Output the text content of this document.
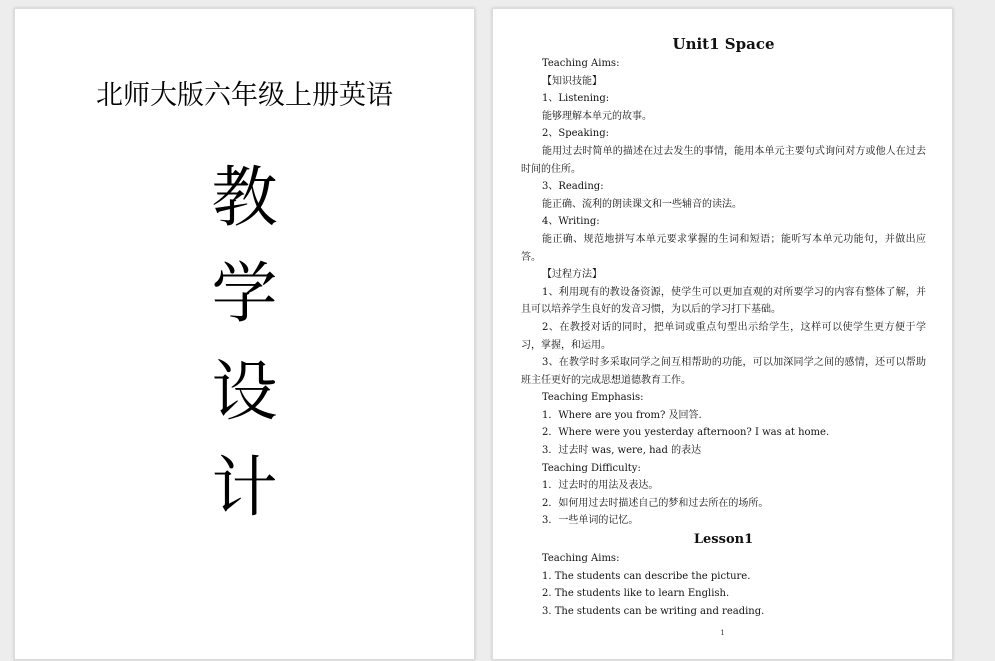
北师大版六年级上册英语
教
学
设
计
Unit1 Space
Teaching Aims:
【知识技能】
1、Listening:
能够理解本单元的故事。
2、Speaking:
能用过去时简单的描述在过去发生的事情，能用本单元主要句式询问对方或他人在过去时间的住所。
3、Reading:
能正确、流利的朗读课文和一些辅音的读法。
4、Writing:
能正确、规范地拼写本单元要求掌握的生词和短语；能听写本单元功能句，并做出应答。
【过程方法】
1、利用现有的教设备资源，使学生可以更加直观的对所要学习的内容有整体了解，并且可以培养学生良好的发音习惯，为以后的学习打下基础。
2、在教授对话的同时，把单词或重点句型出示给学生，这样可以使学生更方便于学习，掌握，和运用。
3、在教学时多采取同学之间互相帮助的功能，可以加深同学之间的感情，还可以帮助班主任更好的完成思想道德教育工作。
Teaching Emphasis:
1．Where are you from? 及回答.
2．Where were you yesterday afternoon? I was at home.
3．过去时 was, were, had 的表达
Teaching Difficulty:
1．过去时的用法及表达。
2．如何用过去时描述自己的梦和过去所在的场所。
3．一些单词的记忆。
Lesson1
Teaching Aims:
1. The students can describe the picture.
2. The students like to learn English.
3. The students can be writing and reading.
1
